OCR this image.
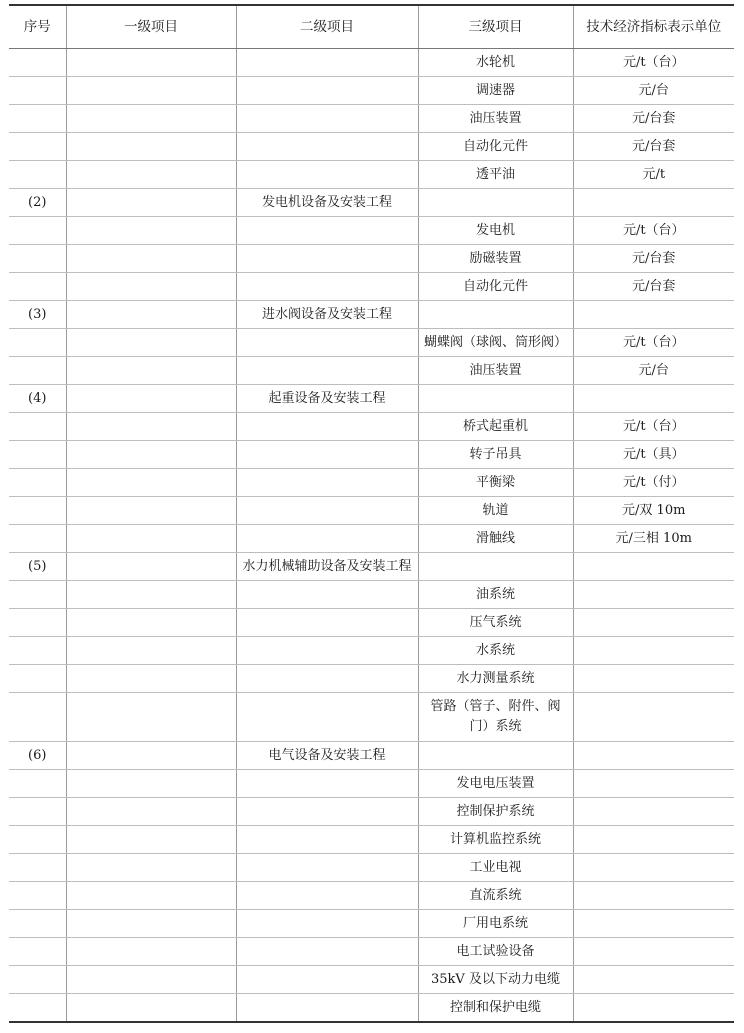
序号	一级项目	二级项目	三级项目	技术经济指标表示单位
			水轮机	元/t（台）
			调速器	元/台
			油压装置	元/台套
			自动化元件	元/台套
			透平油	元/t
(2)		发电机设备及安装工程		
			发电机	元/t（台）
			励磁装置	元/台套
			自动化元件	元/台套
(3)		进水阀设备及安装工程		
			蝴蝶阀（球阀、筒形阀）	元/t（台）
			油压装置	元/台
(4)		起重设备及安装工程		
			桥式起重机	元/t（台）
			转子吊具	元/t（具）
			平衡梁	元/t（付）
			轨道	元/双 10m
			滑触线	元/三相 10m
(5)		水力机械辅助设备及安装工程		
			油系统	
			压气系统	
			水系统	
			水力测量系统	
			管路（管子、附件、阀门）系统	
(6)		电气设备及安装工程		
			发电电压装置	
			控制保护系统	
			计算机监控系统	
			工业电视	
			直流系统	
			厂用电系统	
			电工试验设备	
			35kV 及以下动力电缆	
			控制和保护电缆	
